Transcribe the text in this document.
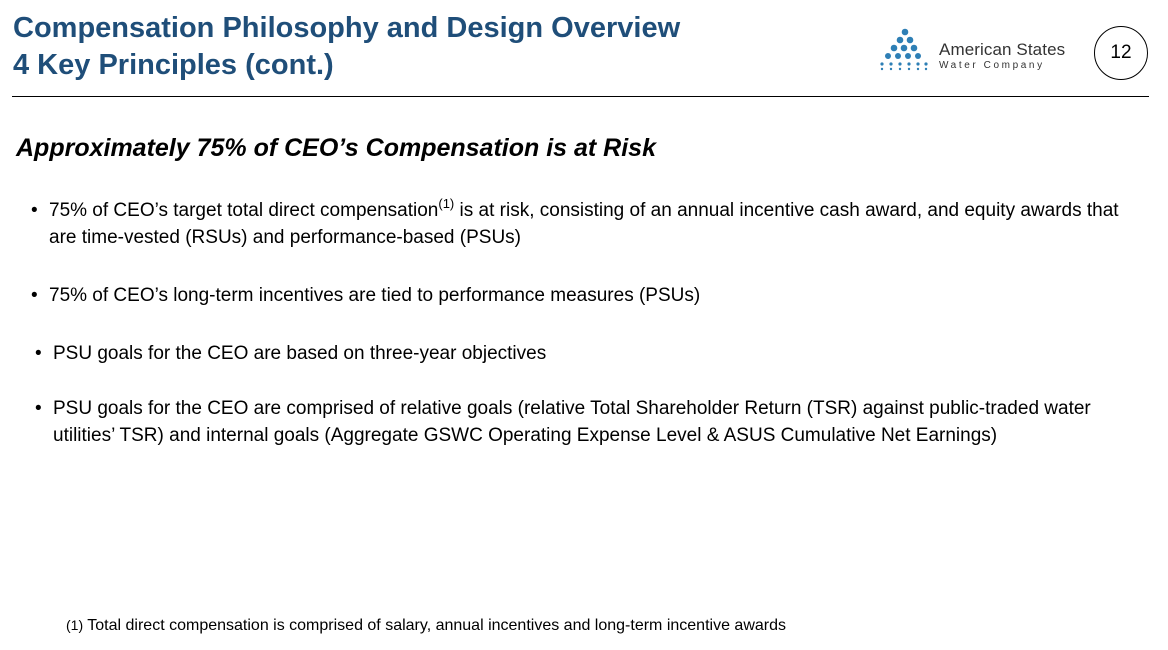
Compensation Philosophy and Design Overview
4 Key Principles (cont.)	American States
Water Company
12
Approximately 75% of CEO’s Compensation is at Risk
• 75% of CEO’s target total direct compensation$^{(1)}$ is at risk, consisting of an annual incentive cash award, and equity awards that are time-vested (RSUs) and performance-based (PSUs)
• 75% of CEO’s long-term incentives are tied to performance measures (PSUs)
• PSU goals for the CEO are based on three-year objectives
• PSU goals for the CEO are comprised of relative goals (relative Total Shareholder Return (TSR) against public-traded water utilities’ TSR) and internal goals (Aggregate GSWC Operating Expense Level & ASUS Cumulative Net Earnings)
(1) Total direct compensation is comprised of salary, annual incentives and long-term incentive awards
